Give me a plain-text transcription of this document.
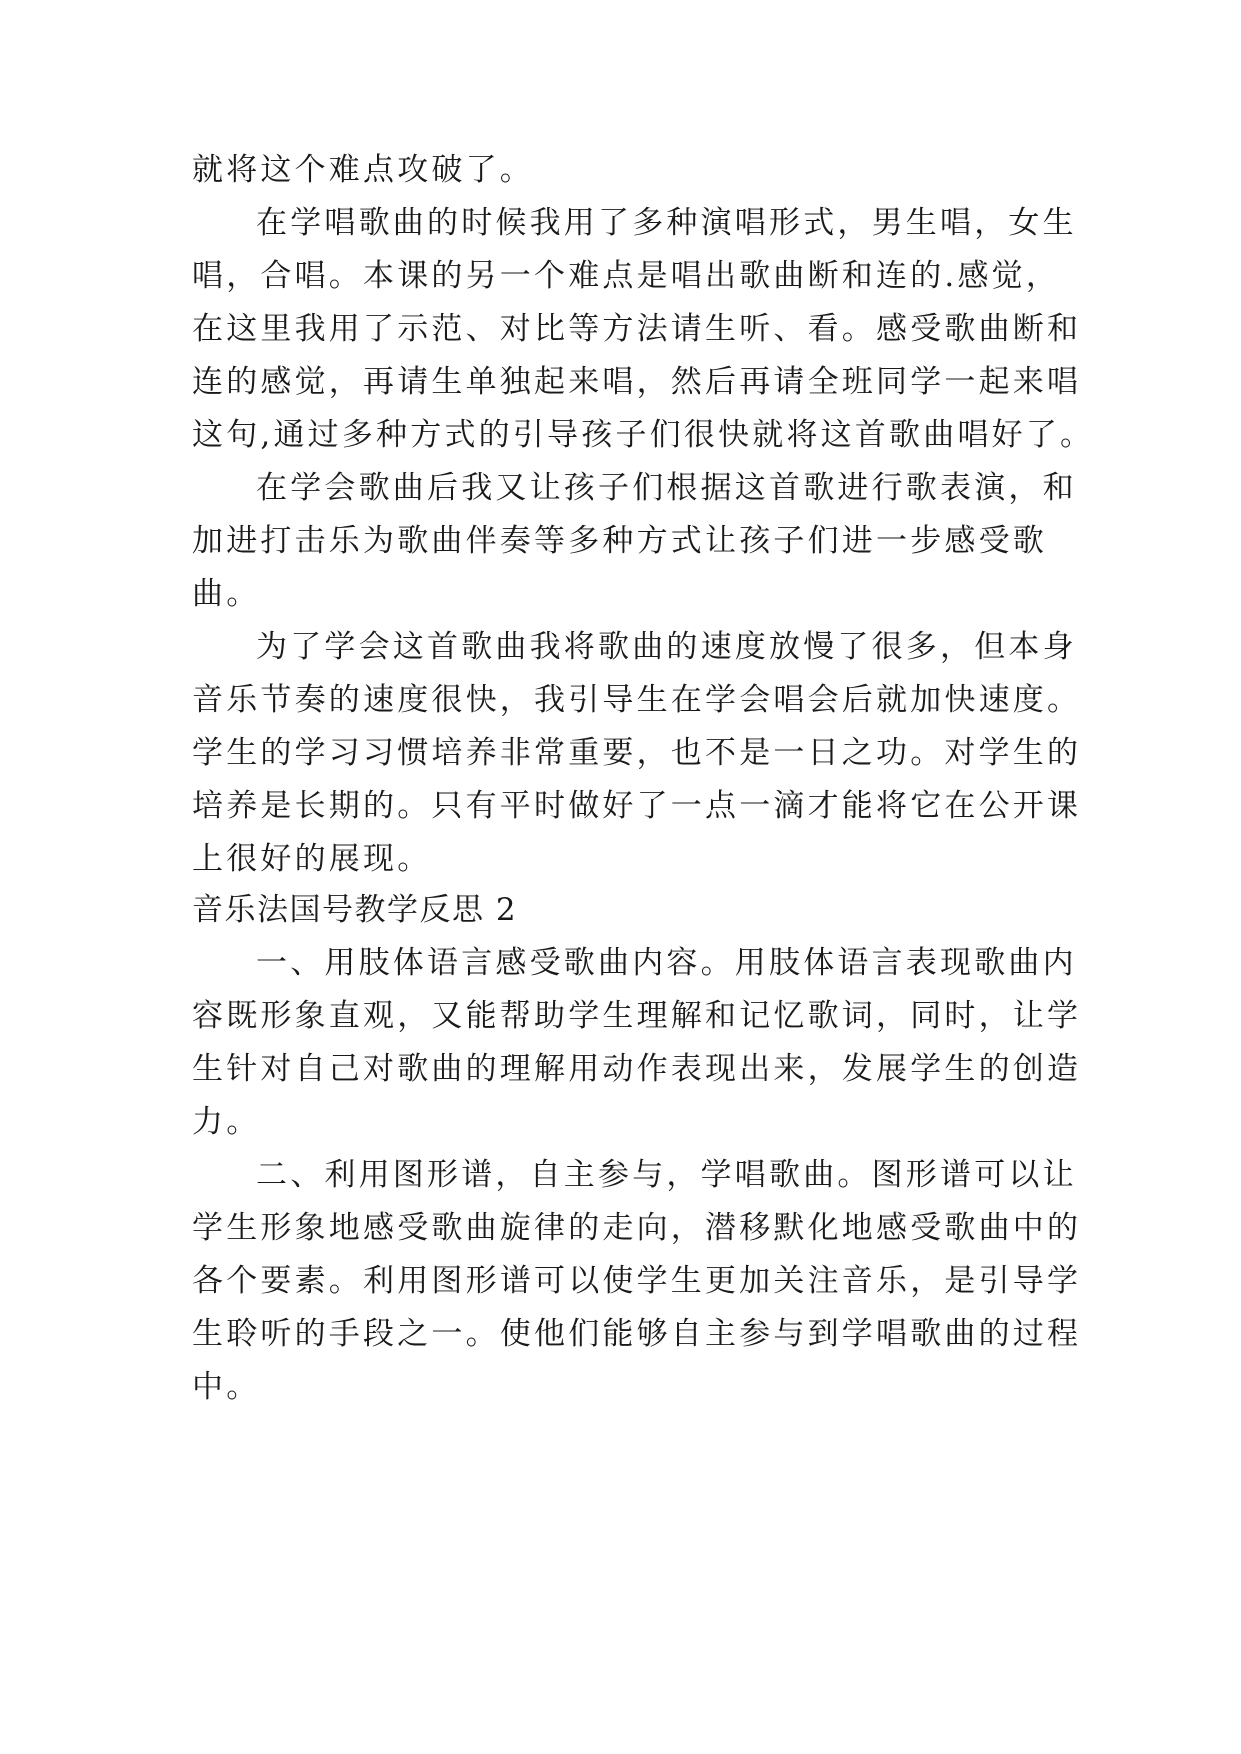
就将这个难点攻破了。
在学唱歌曲的时候我用了多种演唱形式，男生唱，女生
唱，合唱。本课的另一个难点是唱出歌曲断和连的.感觉，
在这里我用了示范、对比等方法请生听、看。感受歌曲断和
连的感觉，再请生单独起来唱，然后再请全班同学一起来唱
这句,通过多种方式的引导孩子们很快就将这首歌曲唱好了。
在学会歌曲后我又让孩子们根据这首歌进行歌表演，和
加进打击乐为歌曲伴奏等多种方式让孩子们进一步感受歌
曲。
为了学会这首歌曲我将歌曲的速度放慢了很多，但本身
音乐节奏的速度很快，我引导生在学会唱会后就加快速度。
学生的学习习惯培养非常重要，也不是一日之功。对学生的
培养是长期的。只有平时做好了一点一滴才能将它在公开课
上很好的展现。
音乐法国号教学反思 2
一、用肢体语言感受歌曲内容。用肢体语言表现歌曲内
容既形象直观，又能帮助学生理解和记忆歌词，同时，让学
生针对自己对歌曲的理解用动作表现出来，发展学生的创造
力。
二、利用图形谱，自主参与，学唱歌曲。图形谱可以让
学生形象地感受歌曲旋律的走向，潜移默化地感受歌曲中的
各个要素。利用图形谱可以使学生更加关注音乐，是引导学
生聆听的手段之一。使他们能够自主参与到学唱歌曲的过程
中。
